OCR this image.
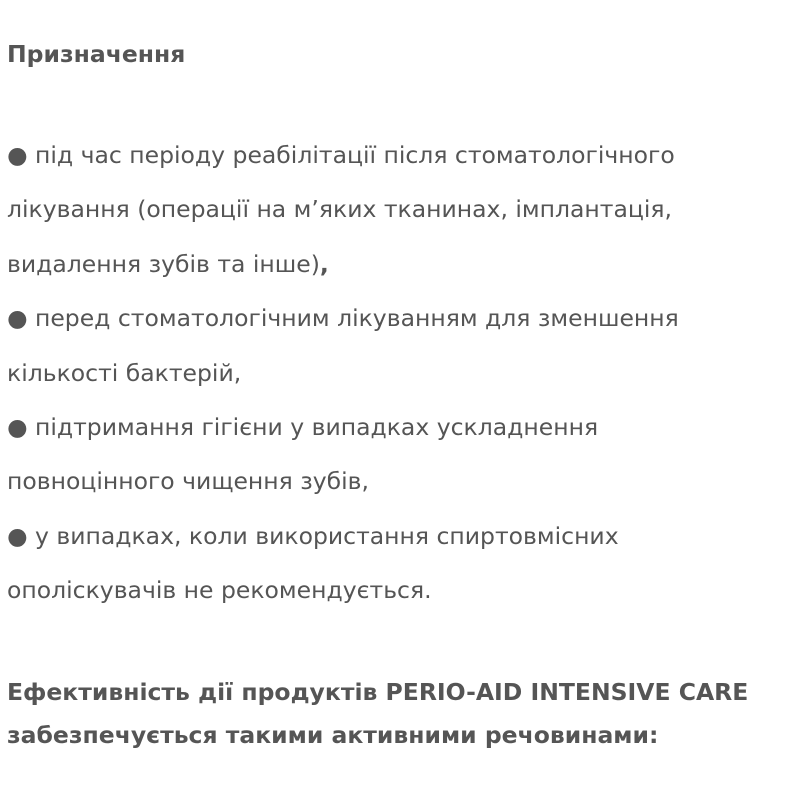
Призначення
● під час періоду реабілітації після стоматологічного
лікування (операції на м’яких тканинах, імплантація,
видалення зубів та інше),
● перед стоматологічним лікуванням для зменшення
кількості бактерій,
● підтримання гігієни у випадках ускладнення
повноцінного чищення зубів,
● у випадках, коли використання спиртовмісних
ополіскувачів не рекомендується.
Ефективність дії продуктів PERIO-AID INTENSIVE CARE
забезпечується такими активними речовинами:
